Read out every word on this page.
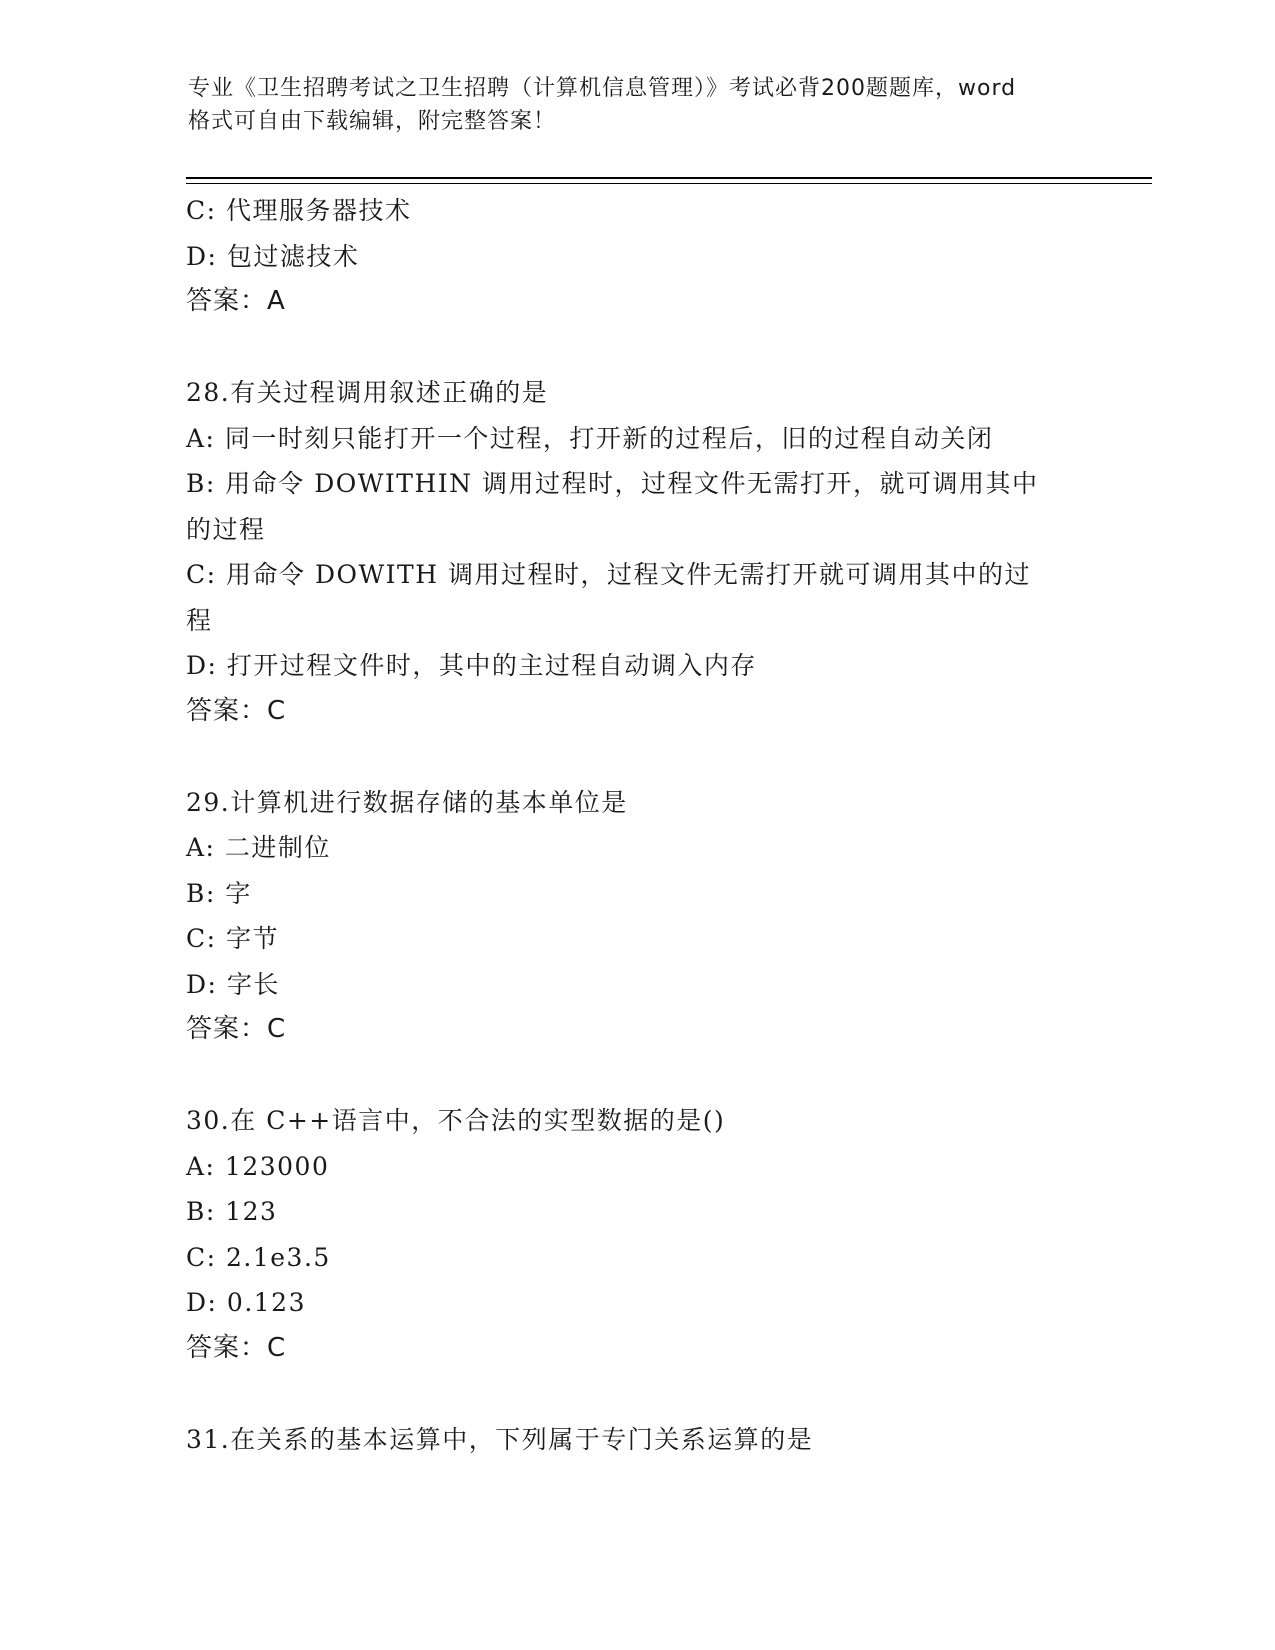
专业《卫生招聘考试之卫生招聘（计算机信息管理）》考试必背200题题库，word
格式可自由下载编辑，附完整答案！
C: 代理服务器技术
D: 包过滤技术
答案：A
28.有关过程调用叙述正确的是
A: 同一时刻只能打开一个过程，打开新的过程后，旧的过程自动关闭
B: 用命令 DOWITHIN 调用过程时，过程文件无需打开，就可调用其中的过程
C: 用命令 DOWITH 调用过程时，过程文件无需打开就可调用其中的过程
D: 打开过程文件时，其中的主过程自动调入内存
答案：C
29.计算机进行数据存储的基本单位是
A: 二进制位
B: 字
C: 字节
D: 字长
答案：C
30.在 C++语言中，不合法的实型数据的是()
A: 123000
B: 123
C: 2.1e3.5
D: 0.123
答案：C
31.在关系的基本运算中，下列属于专门关系运算的是
